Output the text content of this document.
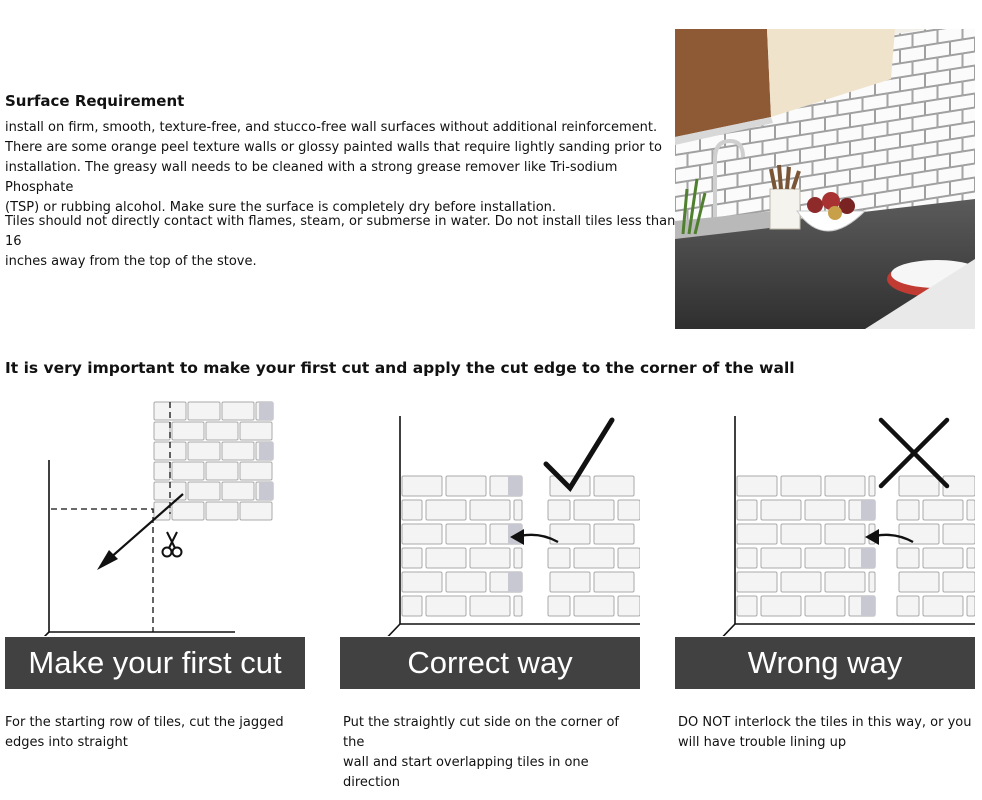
Surface Requirement
install on firm, smooth, texture-free, and stucco-free wall surfaces without additional reinforcement.
There are some orange peel texture walls or glossy painted walls that require lightly sanding prior to
installation. The greasy wall needs to be cleaned with a strong grease remover like Tri-sodium Phosphate
(TSP) or rubbing alcohol. Make sure the surface is completely dry before installation.
Tiles should not directly contact with flames, steam, or submerse in water. Do not install tiles less than 16
inches away from the top of the stove.
It is very important to make your first cut and apply the cut edge to the corner of the wall
Make your first cut	Correct way	Wrong way
For the starting row of tiles, cut the jagged
edges into straight
Put the straightly cut side on the corner of the
wall and start overlapping tiles in one direction
DO NOT interlock the tiles in this way, or you
will have trouble lining up
